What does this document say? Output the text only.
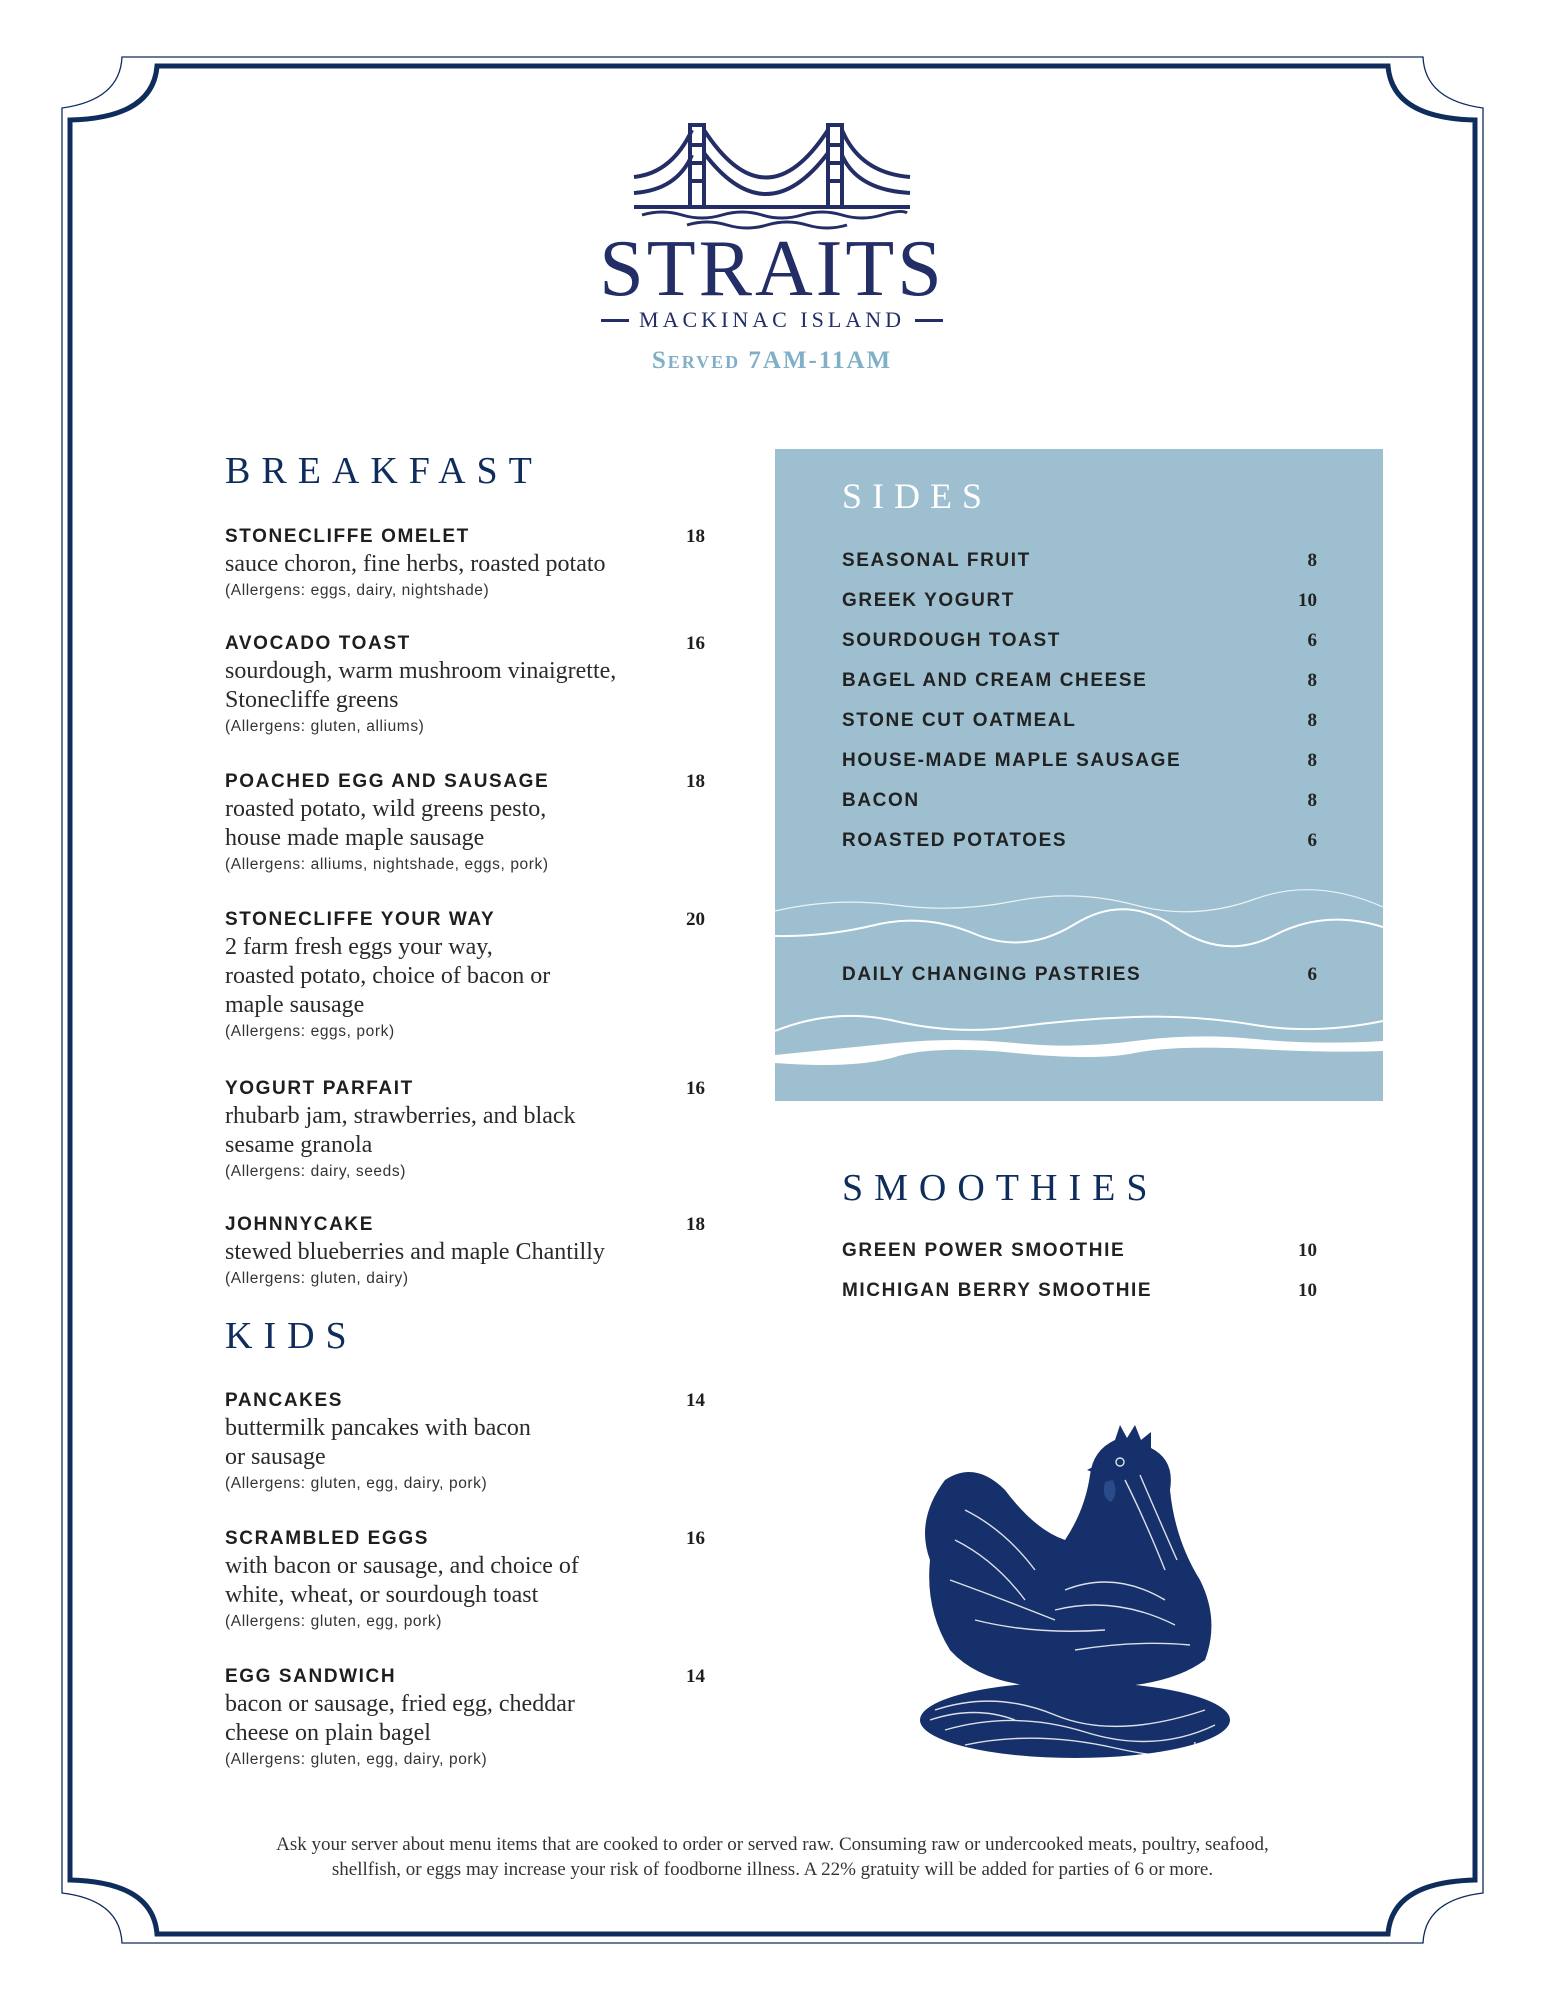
STRAITS
MACKINAC ISLAND
Served 7AM-11AM
BREAKFAST
STONECLIFFE OMELET	18
sauce choron, fine herbs, roasted potato
(Allergens: eggs, dairy, nightshade)
AVOCADO TOAST	16
sourdough, warm mushroom vinaigrette,
Stonecliffe greens
(Allergens: gluten, alliums)
POACHED EGG AND SAUSAGE	18
roasted potato, wild greens pesto,
house made maple sausage
(Allergens: alliums, nightshade, eggs, pork)
STONECLIFFE YOUR WAY	20
2 farm fresh eggs your way,
roasted potato, choice of bacon or
maple sausage
(Allergens: eggs, pork)
YOGURT PARFAIT	16
rhubarb jam, strawberries, and black
sesame granola
(Allergens: dairy, seeds)
JOHNNYCAKE	18
stewed blueberries and maple Chantilly
(Allergens: gluten, dairy)
KIDS
PANCAKES	14
buttermilk pancakes with bacon
or sausage
(Allergens: gluten, egg, dairy, pork)
SCRAMBLED EGGS	16
with bacon or sausage, and choice of
white, wheat, or sourdough toast
(Allergens: gluten, egg, pork)
EGG SANDWICH	14
bacon or sausage, fried egg, cheddar
cheese on plain bagel
(Allergens: gluten, egg, dairy, pork)
SIDES
SEASONAL FRUIT	8
GREEK YOGURT	10
SOURDOUGH TOAST	6
BAGEL AND CREAM CHEESE	8
STONE CUT OATMEAL	8
HOUSE-MADE MAPLE SAUSAGE	8
BACON	8
ROASTED POTATOES	6
DAILY CHANGING PASTRIES	6
SMOOTHIES
GREEN POWER SMOOTHIE	10
MICHIGAN BERRY SMOOTHIE	10
Ask your server about menu items that are cooked to order or served raw. Consuming raw or undercooked meats, poultry, seafood,
shellfish, or eggs may increase your risk of foodborne illness. A 22% gratuity will be added for parties of 6 or more.
